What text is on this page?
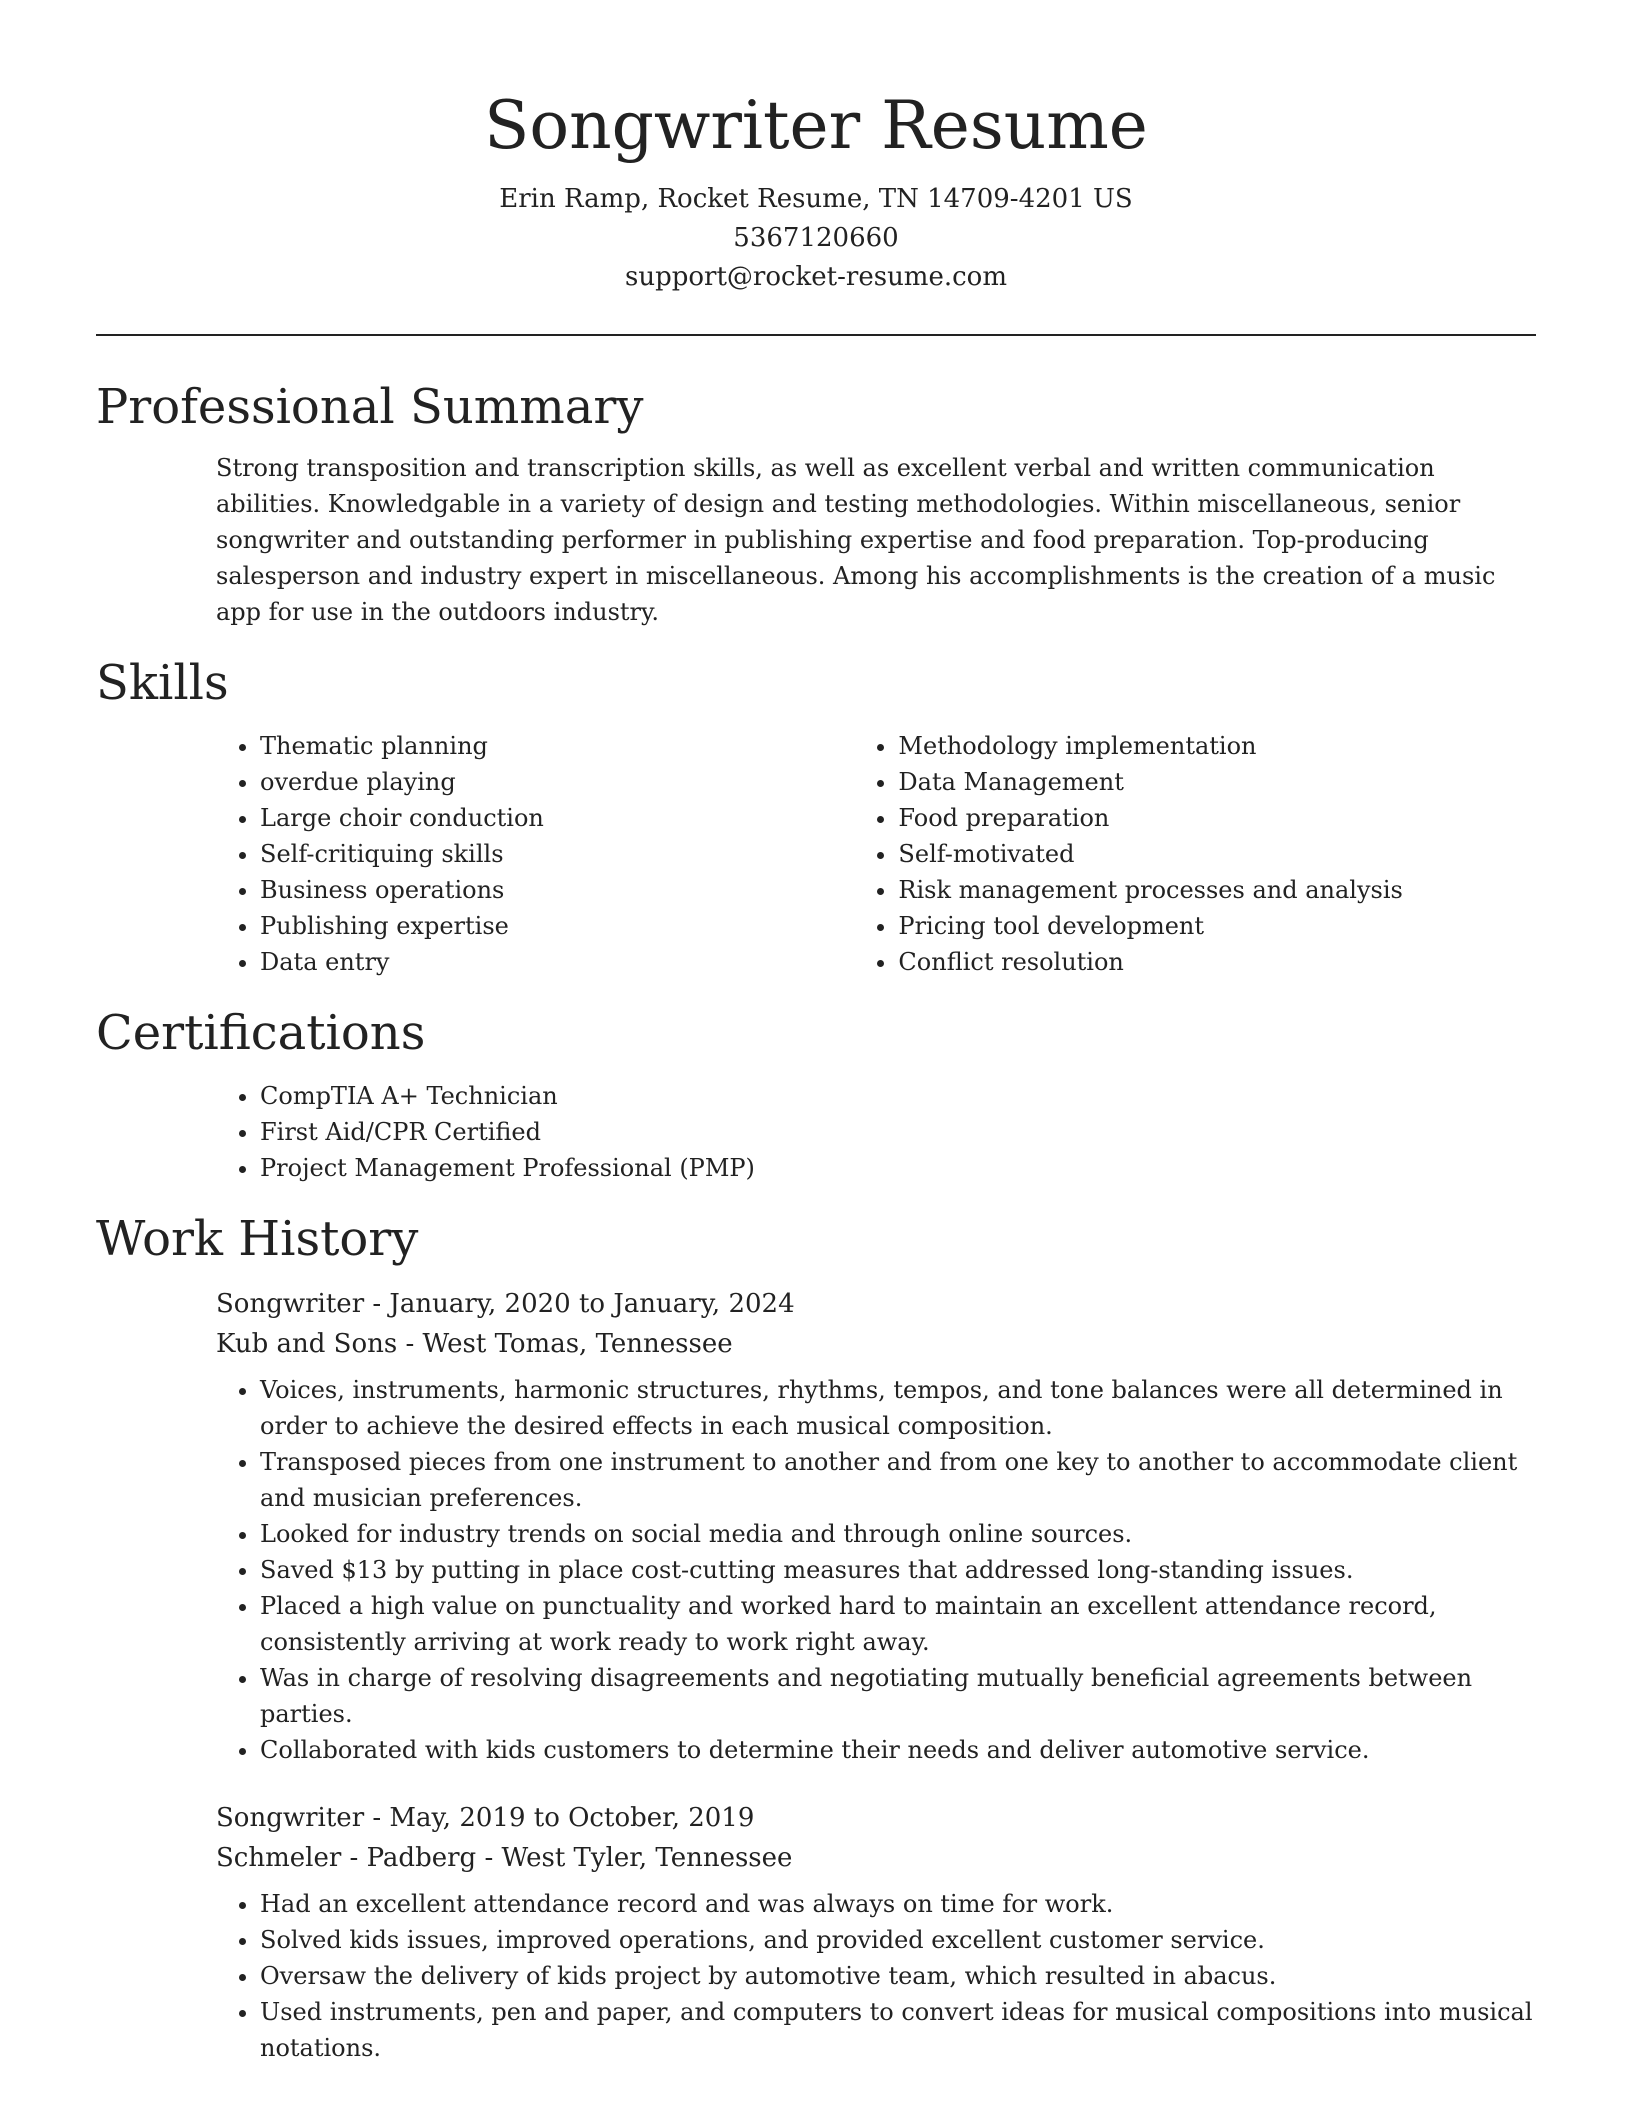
Songwriter Resume

Erin Ramp, Rocket Resume, TN 14709-4201 US

5367120660

support@rocket-resume.com

Professional Summary

Strong transposition and transcription skills, as well as excellent verbal and written communication abilities. Knowledgable in a variety of design and testing methodologies. Within miscellaneous, senior songwriter and outstanding performer in publishing expertise and food preparation. Top-producing salesperson and industry expert in miscellaneous. Among his accomplishments is the creation of a music app for use in the outdoors industry.

Skills
• Thematic planning
• overdue playing
• Large choir conduction
• Self-critiquing skills
• Business operations
• Publishing expertise
• Data entry
• Methodology implementation
• Data Management
• Food preparation
• Self-motivated
• Risk management processes and analysis
• Pricing tool development
• Conflict resolution
Certifications
• CompTIA A+ Technician
• First Aid/CPR Certified
• Project Management Professional (PMP)
Work History

Songwriter - January, 2020 to January, 2024

Kub and Sons - West Tomas, Tennessee

• Voices, instruments, harmonic structures, rhythms, tempos, and tone balances were all determined in order to achieve the desired effects in each musical composition.
• Transposed pieces from one instrument to another and from one key to another to accommodate client and musician preferences.
• Looked for industry trends on social media and through online sources.
• Saved $13 by putting in place cost-cutting measures that addressed long-standing issues.
• Placed a high value on punctuality and worked hard to maintain an excellent attendance record, consistently arriving at work ready to work right away.
• Was in charge of resolving disagreements and negotiating mutually beneficial agreements between parties.
• Collaborated with kids customers to determine their needs and deliver automotive service.

Songwriter - May, 2019 to October, 2019

Schmeler - Padberg - West Tyler, Tennessee

• Had an excellent attendance record and was always on time for work.
• Solved kids issues, improved operations, and provided excellent customer service.
• Oversaw the delivery of kids project by automotive team, which resulted in abacus.
• Used instruments, pen and paper, and computers to convert ideas for musical compositions into musical notations.
